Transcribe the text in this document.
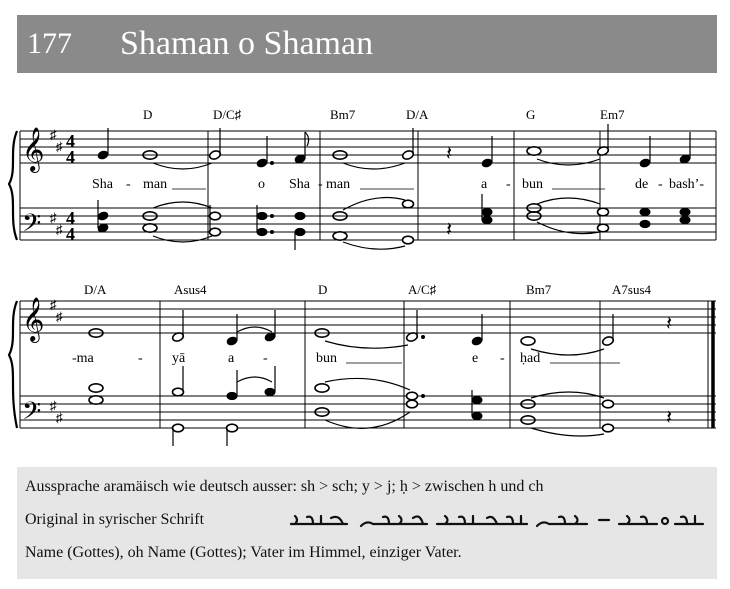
177 Shaman o Shaman
𝄞
𝄢
♯
♯
♯
♯
4
4
4
4
D	D/C♯	Bm7	D/A	G	Em7
𝄽
𝄽
Sha - man	o Sha - man	a - bun	de - bash’-
𝄞
𝄢
♯
♯
♯
♯
D/A	Asus4	D	A/C♯	Bm7	A7sus4
𝄽
𝄽
-ma	- yā	a -	bun	e - ḥad
Aussprache aramäisch wie deutsch ausser: sh > sch; y > j; ḥ > zwischen h und ch
Original in syrischer Schrift
Name (Gottes), oh Name (Gottes); Vater im Himmel, einziger Vater.
